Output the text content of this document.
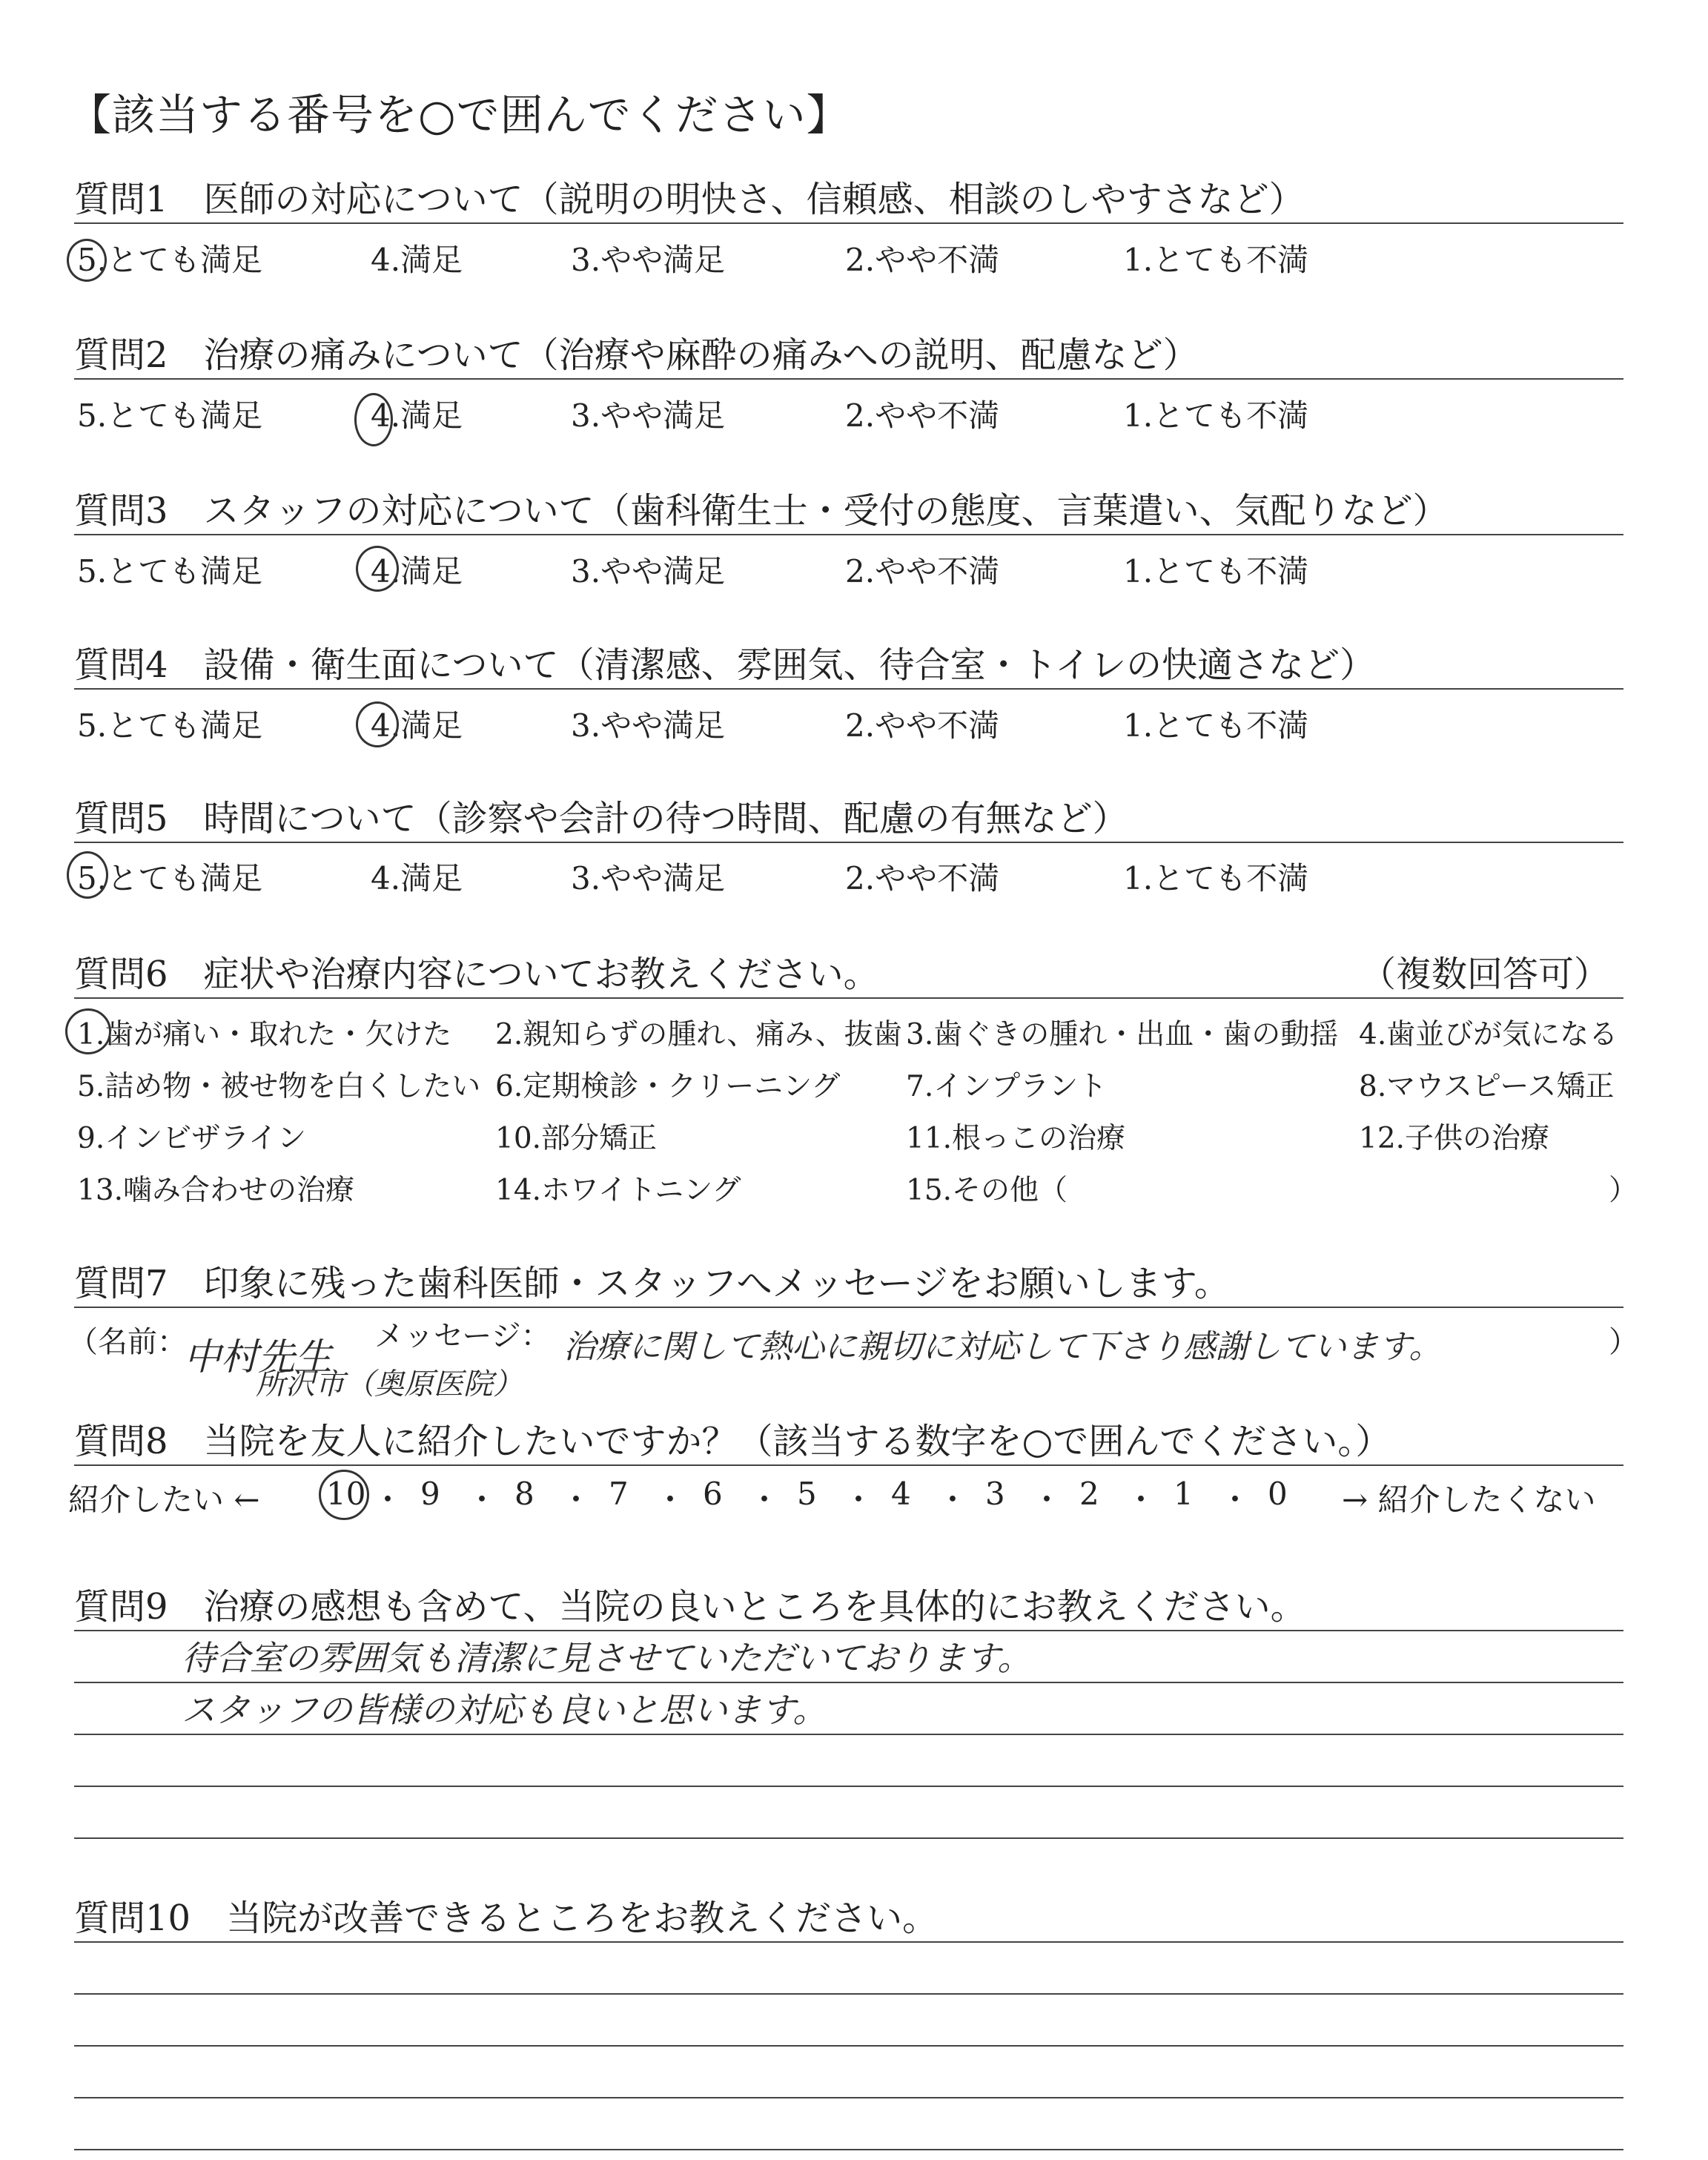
【該当する番号を○で囲んでください】
質問1　医師の対応について（説明の明快さ、信頼感、相談のしやすさなど）
5.とても満足	4.満足	3.やや満足	2.やや不満	1.とても不満
質問2　治療の痛みについて（治療や麻酔の痛みへの説明、配慮など）
5.とても満足	4.満足	3.やや満足	2.やや不満	1.とても不満
質問3　スタッフの対応について（歯科衛生士・受付の態度、言葉遣い、気配りなど）
5.とても満足	4.満足	3.やや満足	2.やや不満	1.とても不満
質問4　設備・衛生面について（清潔感、雰囲気、待合室・トイレの快適さなど）
5.とても満足	4.満足	3.やや満足	2.やや不満	1.とても不満
質問5　時間について（診察や会計の待つ時間、配慮の有無など）
5.とても満足	4.満足	3.やや満足	2.やや不満	1.とても不満
質問6　症状や治療内容についてお教えください。	（複数回答可）
1.歯が痛い・取れた・欠けた 2.親知らずの腫れ、痛み、抜歯 3.歯ぐきの腫れ・出血・歯の動揺 4.歯並びが気になる
5.詰め物・被せ物を白くしたい 6.定期検診・クリーニング 7.インプラント	8.マウスピース矯正
9.インビザライン	10.部分矯正	11.根っこの治療	12.子供の治療
13.噛み合わせの治療	14.ホワイトニング	15.その他（	）
質問7　印象に残った歯科医師・スタッフへメッセージをお願いします。
（名前：
中村先生
所沢市（奥原医院）
メッセージ： 治療に関して熱心に親切に対応して下さり感謝しています。	）
質問8　当院を友人に紹介したいですか？（該当する数字を○で囲んでください。）
紹介したい ← 10 ・ 9 ・ 8 ・ 7 ・ 6 ・ 5 ・ 4 ・ 3 ・ 2 ・ 1 ・ 0 → 紹介したくない
質問9　治療の感想も含めて、当院の良いところを具体的にお教えください。
待合室の雰囲気も清潔に見させていただいております。
スタッフの皆様の対応も良いと思います。
質問10　当院が改善できるところをお教えください。
